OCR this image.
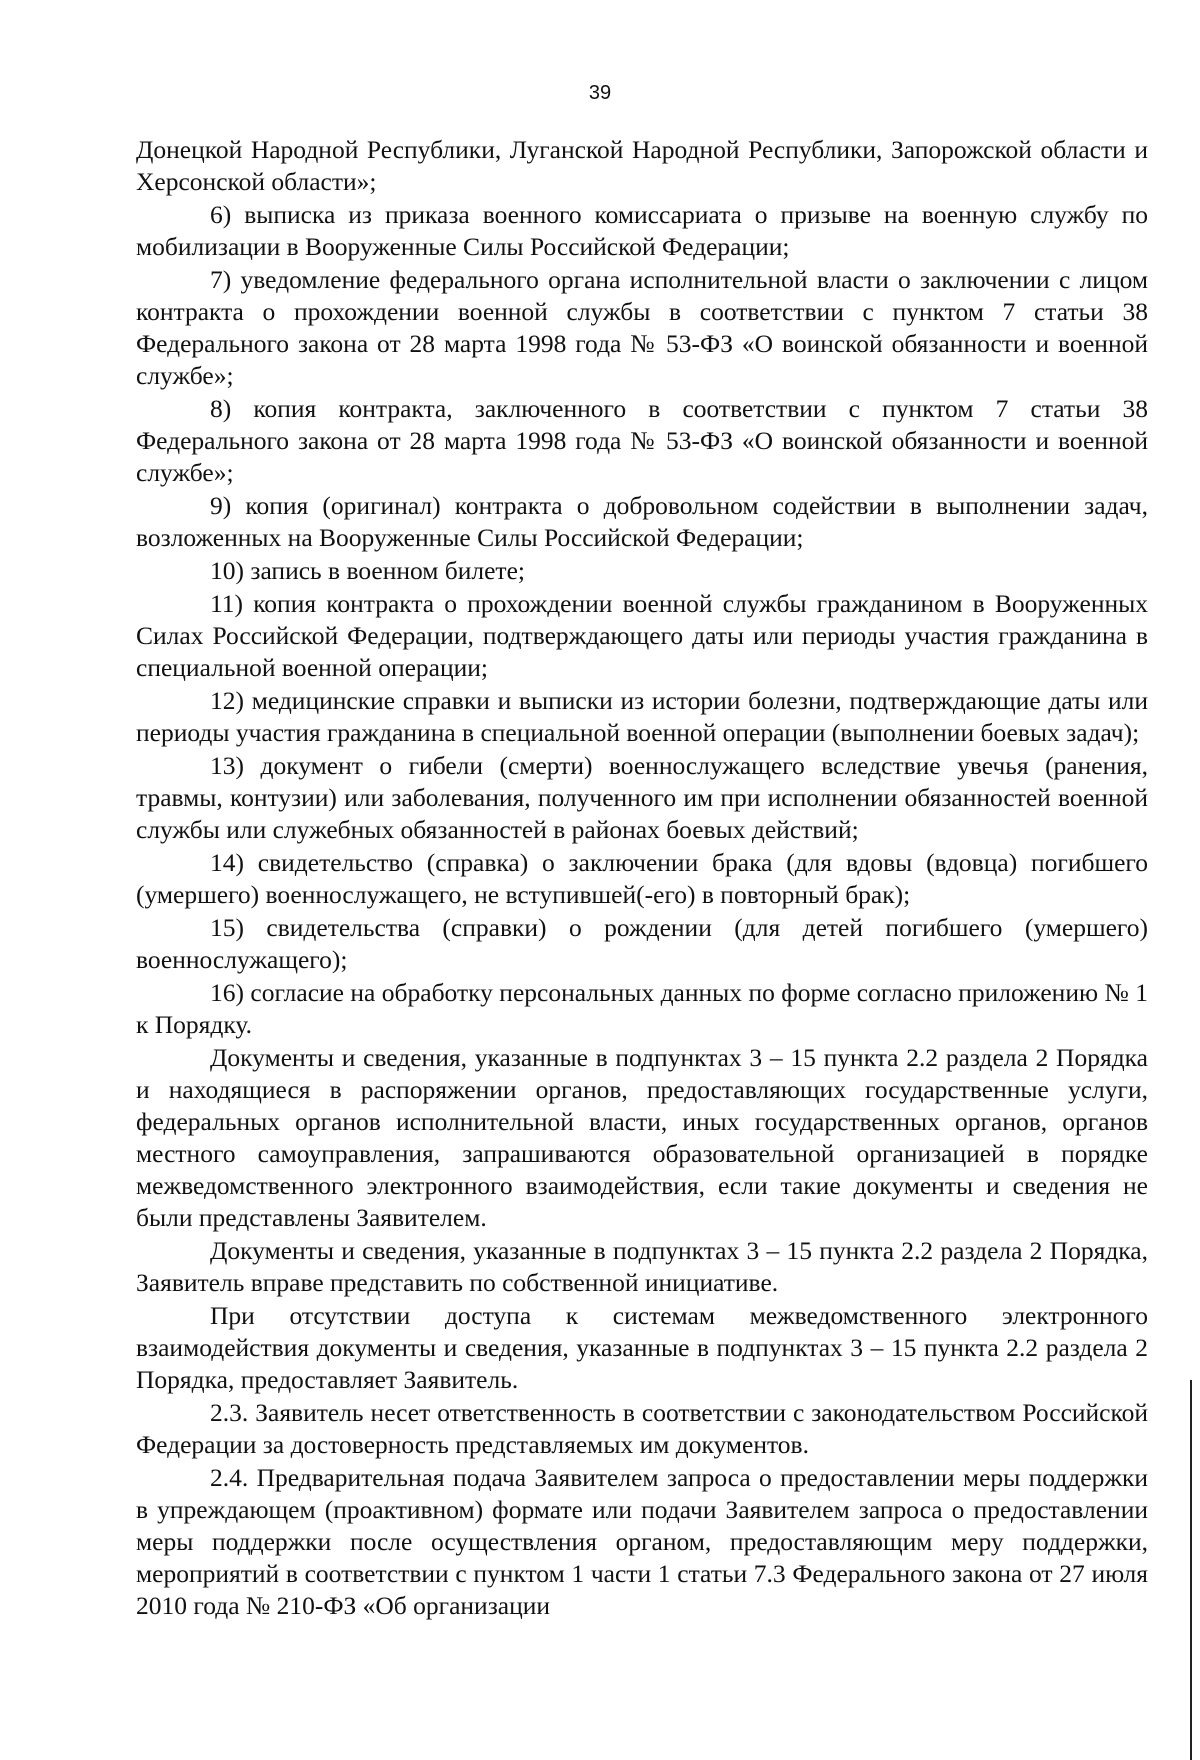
39

Донецкой Народной Республики, Луганской Народной Республики, Запорожской области и Херсонской области»;

6) выписка из приказа военного комиссариата о призыве на военную службу по мобилизации в Вооруженные Силы Российской Федерации;

7) уведомление федерального органа исполнительной власти о заключении с лицом контракта о прохождении военной службы в соответствии с пунктом 7 статьи 38 Федерального закона от 28 марта 1998 года № 53-ФЗ «О воинской обязанности и военной службе»;

8) копия контракта, заключенного в соответствии с пунктом 7 статьи 38 Федерального закона от 28 марта 1998 года № 53-ФЗ «О воинской обязанности и военной службе»;

9) копия (оригинал) контракта о добровольном содействии в выполнении задач, возложенных на Вооруженные Силы Российской Федерации;

10) запись в военном билете;

11) копия контракта о прохождении военной службы гражданином в Вооруженных Силах Российской Федерации, подтверждающего даты или периоды участия гражданина в специальной военной операции;

12) медицинские справки и выписки из истории болезни, подтверждающие даты или периоды участия гражданина в специальной военной операции (выполнении боевых задач);

13) документ о гибели (смерти) военнослужащего вследствие увечья (ранения, травмы, контузии) или заболевания, полученного им при исполнении обязанностей военной службы или служебных обязанностей в районах боевых действий;

14) свидетельство (справка) о заключении брака (для вдовы (вдовца) погибшего (умершего) военнослужащего, не вступившей(-его) в повторный брак);

15) свидетельства (справки) о рождении (для детей погибшего (умершего) военнослужащего);

16) согласие на обработку персональных данных по форме согласно приложению № 1 к Порядку.

Документы и сведения, указанные в подпунктах 3 – 15 пункта 2.2 раздела 2 Порядка и находящиеся в распоряжении органов, предоставляющих государственные услуги, федеральных органов исполнительной власти, иных государственных органов, органов местного самоуправления, запрашиваются образовательной организацией в порядке межведомственного электронного взаимодействия, если такие документы и сведения не были представлены Заявителем.

Документы и сведения, указанные в подпунктах 3 – 15 пункта 2.2 раздела 2 Порядка, Заявитель вправе представить по собственной инициативе.

При отсутствии доступа к системам межведомственного электронного взаимодействия документы и сведения, указанные в подпунктах 3 – 15 пункта 2.2 раздела 2 Порядка, предоставляет Заявитель.

2.3. Заявитель несет ответственность в соответствии с законодательством Российской Федерации за достоверность представляемых им документов.

2.4. Предварительная подача Заявителем запроса о предоставлении меры поддержки в упреждающем (проактивном) формате или подачи Заявителем запроса о предоставлении меры поддержки после осуществления органом, предоставляющим меру поддержки, мероприятий в соответствии с пунктом 1 части 1 статьи 7.3 Федерального закона от 27 июля 2010 года № 210-ФЗ «Об организации
